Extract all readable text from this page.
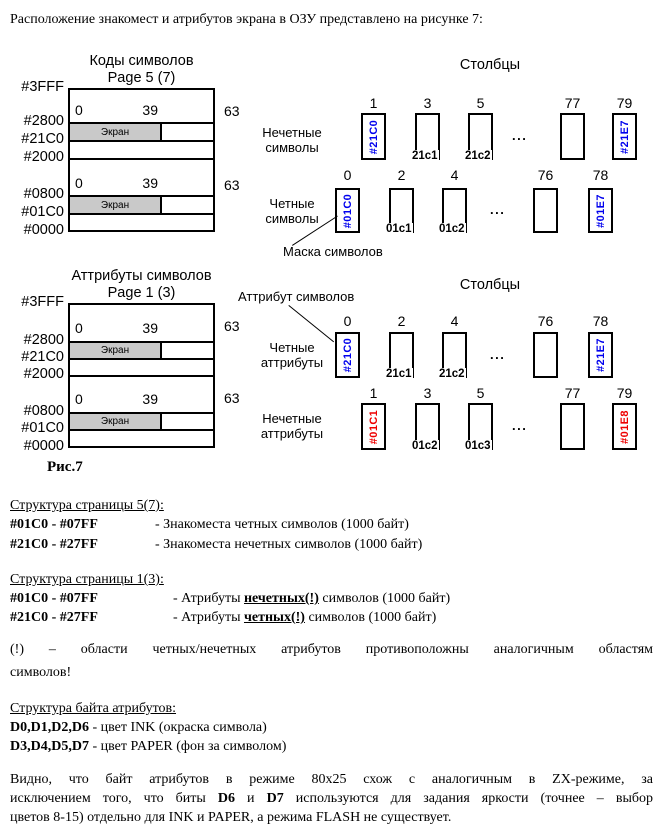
Расположение знакомест и атрибутов экрана в ОЗУ представлено на рисунке 7:

Коды символов
Page 5 (7)
Экран
Экран
0	39
0	39
#3FFF
#2800
#21C0
#2000
#0800
#01C0
#0000
63
63
Столбцы
Нечетные
символы
1	3	5	77	79
#21C0
21c1 21c2
...	#21E7
Четные
символы
0	2	4	76	78
#01C0
01c1 01c2
...	#01E7
Маска символов
Аттрибуты символов
Page 1 (3)
Экран
Экран
0	39
0	39
#3FFF
#2800
#21C0
#2000
#0800
#01C0
#0000
63
63
Столбцы
Аттрибут символов
Четные
аттрибуты
0	2	4	76	78
#21C0
21c1 21c2
...	#21E7
Нечетные
аттрибуты
1	3	5	77	79
#01C1
01c2 01c3
...	#01E8

Рис.7

Структура страницы 5(7):

#01C0 - #07FF	- Знакоместа четных символов (1000 байт)

#21C0 - #27FF	- Знакоместа нечетных символов (1000 байт)

Структура страницы 1(3):

#01C0 - #07FF	- Атрибуты нечетных(!) символов (1000 байт)

#21C0 - #27FF	- Атрибуты четных(!) символов (1000 байт)

(!) – области четных/нечетных атрибутов противоположны аналогичным областям
символов!

Структура байта атрибутов:

D0,D1,D2,D6 - цвет INK (окраска символа)

D3,D4,D5,D7 - цвет PAPER (фон за символом)

Видно, что байт атрибутов в режиме 80x25 схож с аналогичным в ZX-режиме, за
исключением того, что биты D6 и D7 используются для задания яркости (точнее – выбор
цветов 8-15) отдельно для INK и PAPER, а режима FLASH не существует.
